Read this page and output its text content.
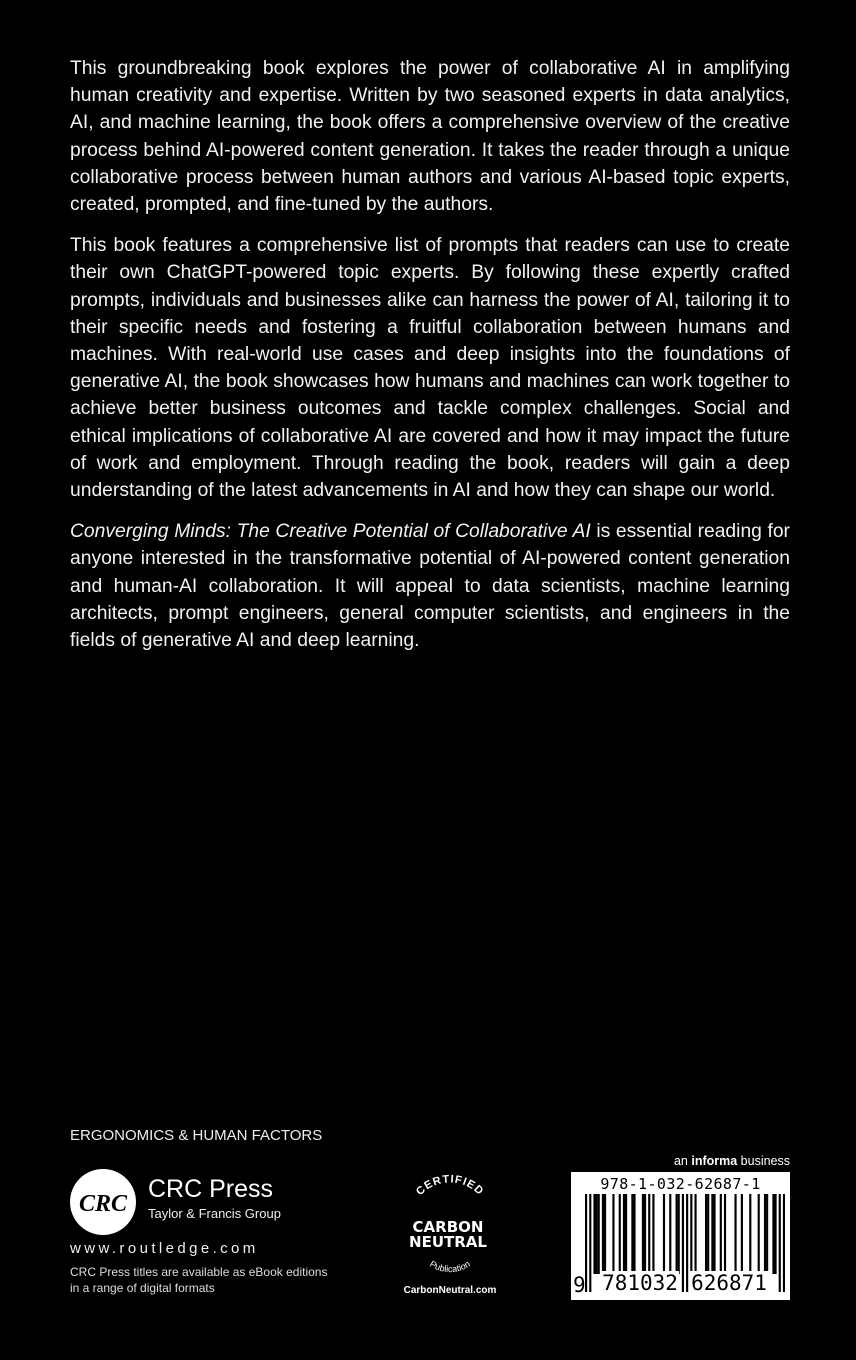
This groundbreaking book explores the power of collaborative AI in amplifying human creativity and expertise. Written by two seasoned experts in data analytics, AI, and machine learning, the book offers a comprehensive overview of the creative process behind AI-powered content generation. It takes the reader through a unique collaborative process between human authors and various AI-based topic experts, created, prompted, and fine-tuned by the authors.

This book features a comprehensive list of prompts that readers can use to create their own ChatGPT-powered topic experts. By following these expertly crafted prompts, individuals and businesses alike can harness the power of AI, tailoring it to their specific needs and fostering a fruitful collaboration between humans and machines. With real-world use cases and deep insights into the foundations of generative AI, the book showcases how humans and machines can work together to achieve better business outcomes and tackle complex challenges. Social and ethical implications of collaborative AI are covered and how it may impact the future of work and employment. Through reading the book, readers will gain a deep understanding of the latest advancements in AI and how they can shape our world.

Converging Minds: The Creative Potential of Collaborative AI is essential reading for anyone interested in the transformative potential of AI-powered content generation and human-AI collaboration. It will appeal to data scientists, machine learning architects, prompt engineers, general computer scientists, and engineers in the fields of generative AI and deep learning.

ERGONOMICS & HUMAN FACTORS
CRC
CRC Press
Taylor & Francis Group
www.routledge.com
CRC Press titles are available as eBook editions
in a range of digital formats
CERTIFIED
CARBON
NEUTRAL
Publication
CarbonNeutral.com
an informa business
978-1-032-62687-1
9 781032 626871
